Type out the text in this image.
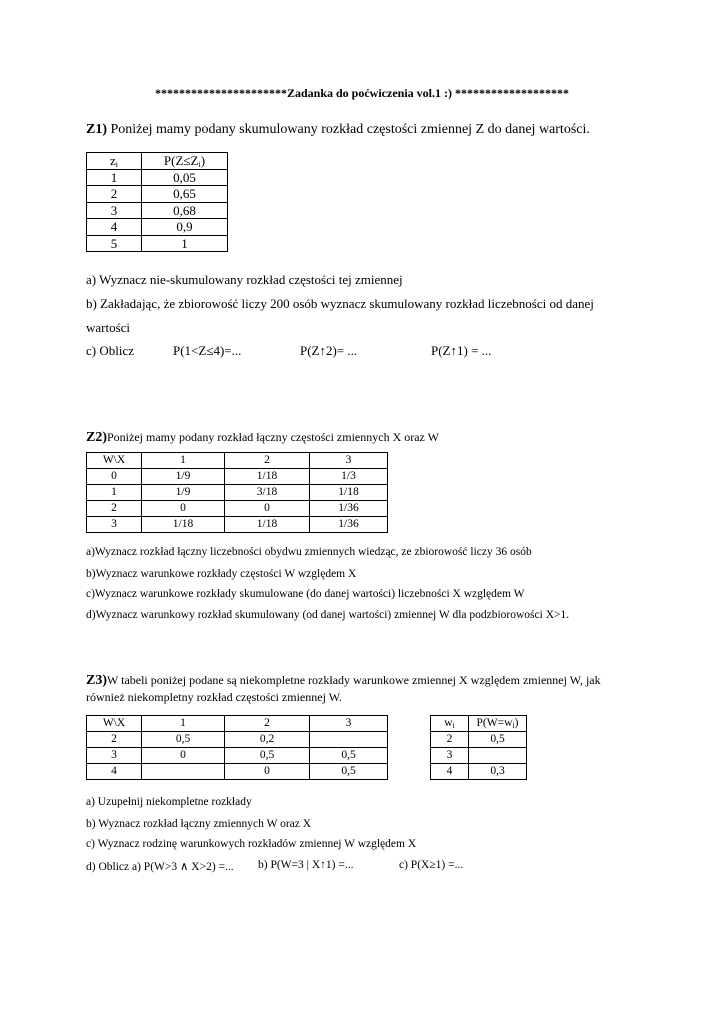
**********************Zadanka do poćwiczenia vol.1 :) *******************
Z1) Poniżej mamy podany skumulowany rozkład częstości zmiennej Z do danej wartości.
$z_i$	$P(Z\le Z_i)$
1	0,05
2	0,65
3	0,68
4	0,9
5	1
a) Wyznacz nie-skumulowany rozkład częstości tej zmiennej
b) Zakładając, że zbiorowość liczy 200 osób wyznacz skumulowany rozkład liczebności od danej
wartości
c) Oblicz	P(1<Z≤4)=...	P(Z↑2)= ...	P(Z↑1) = ...
Z2)Poniżej mamy podany rozkład łączny częstości zmiennych X oraz W
W\X	1	2	3
0	1/9	1/18	1/3
1	1/9	3/18	1/18
2	0	0	1/36
3	1/18	1/18	1/36
a)Wyznacz rozkład łączny liczebności obydwu zmiennych wiedząc, ze zbiorowość liczy 36 osób
b)Wyznacz warunkowe rozkłady częstości W względem X
c)Wyznacz warunkowe rozkłady skumulowane (do danej wartości) liczebności X względem W
d)Wyznacz warunkowy rozkład skumulowany (od danej wartości) zmiennej W dla podzbiorowości X>1.
Z3)W tabeli poniżej podane są niekompletne rozkłady warunkowe zmiennej X względem zmiennej W, jak
również niekompletny rozkład częstości zmiennej W.
W\X	1	2	3
2	0,5	0,2	
3	0	0,5	0,5
4		0	0,5
$w_i$	$P(W=w_i)$
2	0,5
3	
4	0,3
a) Uzupełnij niekompletne rozkłady
b) Wyznacz rozkład łączny zmiennych W oraz X
c) Wyznacz rodzinę warunkowych rozkładów zmiennej W względem X
d) Oblicz a) P(W>3 ∧ X>2) =... b) P(W=3 | X↑1) =...	c) P(X≥1) =...
